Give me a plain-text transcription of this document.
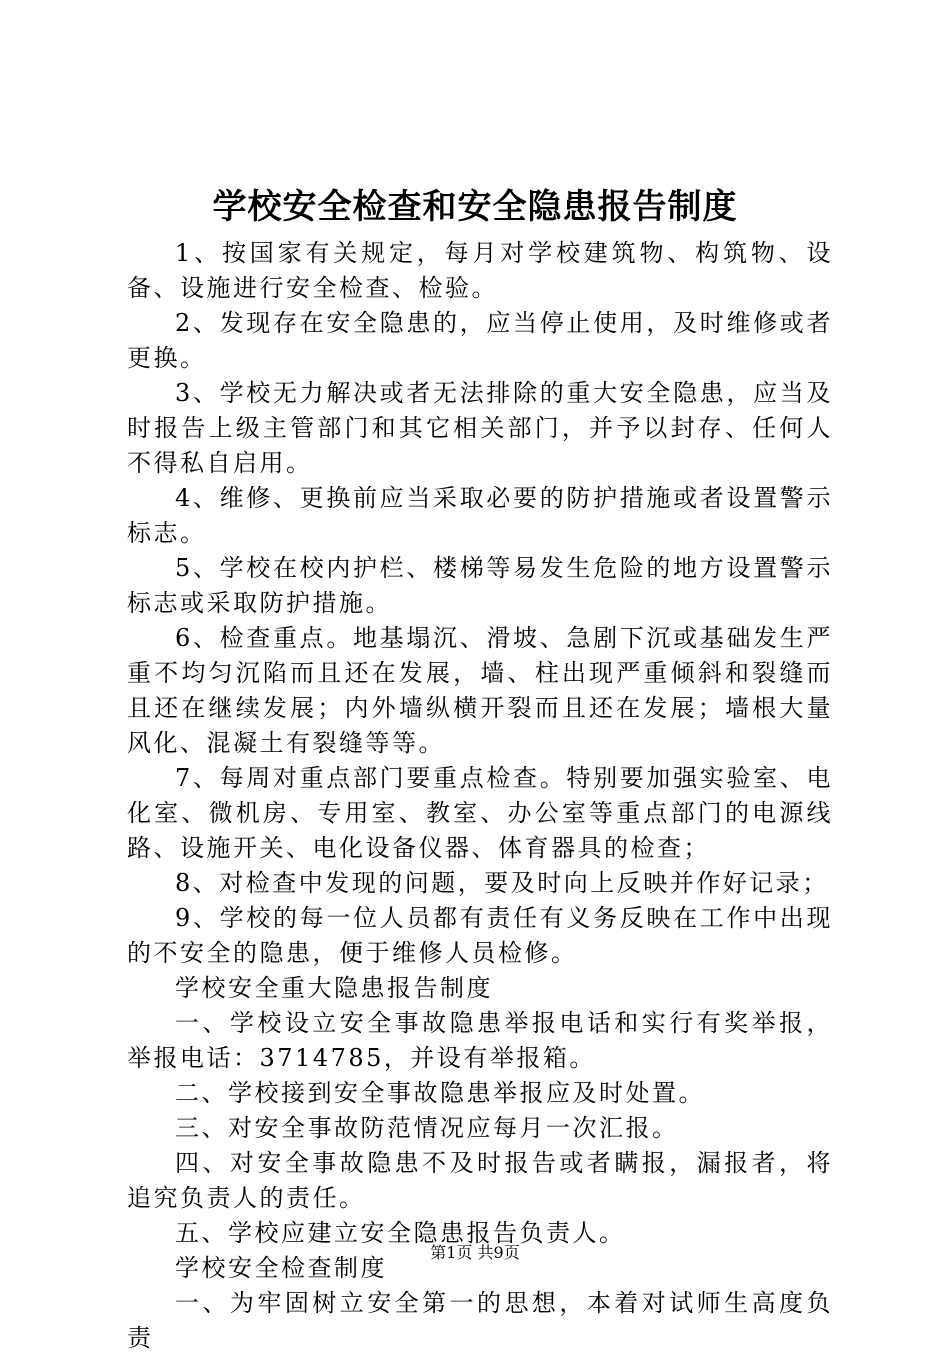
学校安全检查和安全隐患报告制度

1、按国家有关规定，每月对学校建筑物、构筑物、设备、设施进行安全检查、检验。

2、发现存在安全隐患的，应当停止使用，及时维修或者更换。

3、学校无力解决或者无法排除的重大安全隐患，应当及时报告上级主管部门和其它相关部门，并予以封存、任何人不得私自启用。

4、维修、更换前应当采取必要的防护措施或者设置警示标志。

5、学校在校内护栏、楼梯等易发生危险的地方设置警示标志或采取防护措施。

6、检查重点。地基塌沉、滑坡、急剧下沉或基础发生严重不均匀沉陷而且还在发展，墙、柱出现严重倾斜和裂缝而且还在继续发展；内外墙纵横开裂而且还在发展；墙根大量风化、混凝土有裂缝等等。

7、每周对重点部门要重点检查。特别要加强实验室、电化室、微机房、专用室、教室、办公室等重点部门的电源线路、设施开关、电化设备仪器、体育器具的检查；

8、对检查中发现的问题，要及时向上反映并作好记录；

9、学校的每一位人员都有责任有义务反映在工作中出现的不安全的隐患，便于维修人员检修。

学校安全重大隐患报告制度

一、学校设立安全事故隐患举报电话和实行有奖举报，举报电话：3714785，并设有举报箱。

二、学校接到安全事故隐患举报应及时处置。

三、对安全事故防范情况应每月一次汇报。

四、对安全事故隐患不及时报告或者瞒报，漏报者，将追究负责人的责任。

五、学校应建立安全隐患报告负责人。

学校安全检查制度

一、为牢固树立安全第一的思想，本着对试师生高度负责

第1页 共9页
